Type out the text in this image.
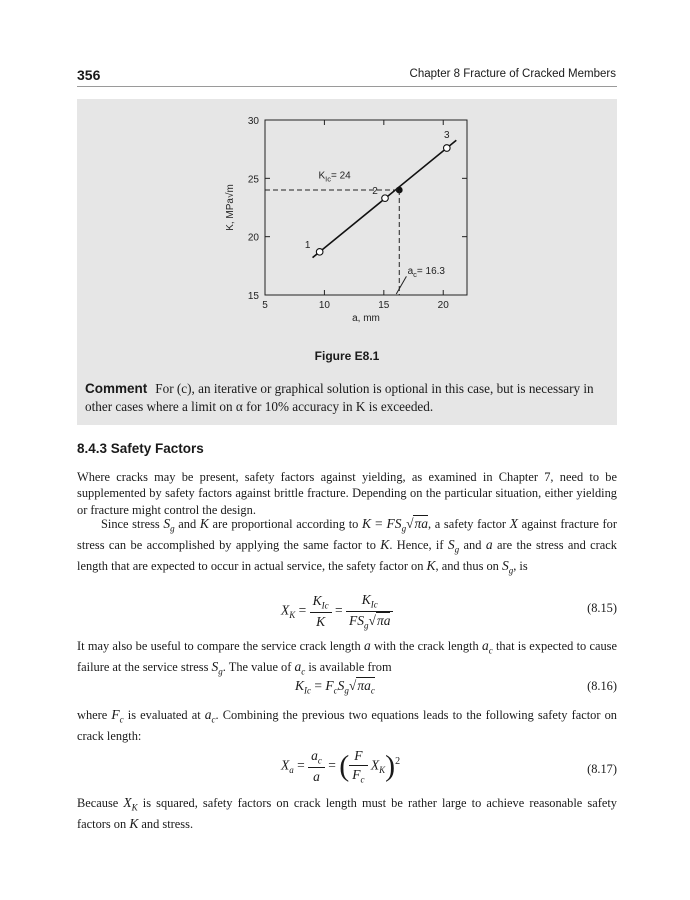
356	Chapter 8 Fracture of Cracked Members
5	10	15	20
15
20
25
30
a, mm
K, MPa√m
1
2
3
$K_{Ic}= 24$
$a_c= 16.3$
Figure E8.1
Comment For (c), an iterative or graphical solution is optional in this case, but is necessary in other cases where a limit on α for 10% accuracy in K is exceeded.
8.4.3 Safety Factors
Where cracks may be present, safety factors against yielding, as examined in Chapter 7, need to be supplemented by safety factors against brittle fracture. Depending on the particular situation, either yielding or fracture might control the design.
Since stress $S_g$ and K are proportional according to $K = FS_g√\pi a$, a safety factor X against fracture for stress can be accomplished by applying the same factor to K. Hence, if $S_g$ and a are the stress and crack length that are expected to occur in actual service, the safety factor on K, and thus on $S_g$, is
$X_K = \frac{K_{Ic}}{K} = \frac{K_{Ic}}{FS_g√\pi a}$	(8.15)
It may also be useful to compare the service crack length a with the crack length $a_c$ that is expected to cause failure at the service stress $S_g$. The value of $a_c$ is available from
$K_{Ic} = F_cS_g√\pi a_c$	(8.16)
where $F_c$ is evaluated at $a_c$. Combining the previous two equations leads to the following safety factor on crack length:
$X_a = \frac{a_c}{a}$ = ( $\frac{F}{F_c} X_K)^2$
(8.17)
Because $X_K$ is squared, safety factors on crack length must be rather large to achieve reasonable safety factors on K and stress.
